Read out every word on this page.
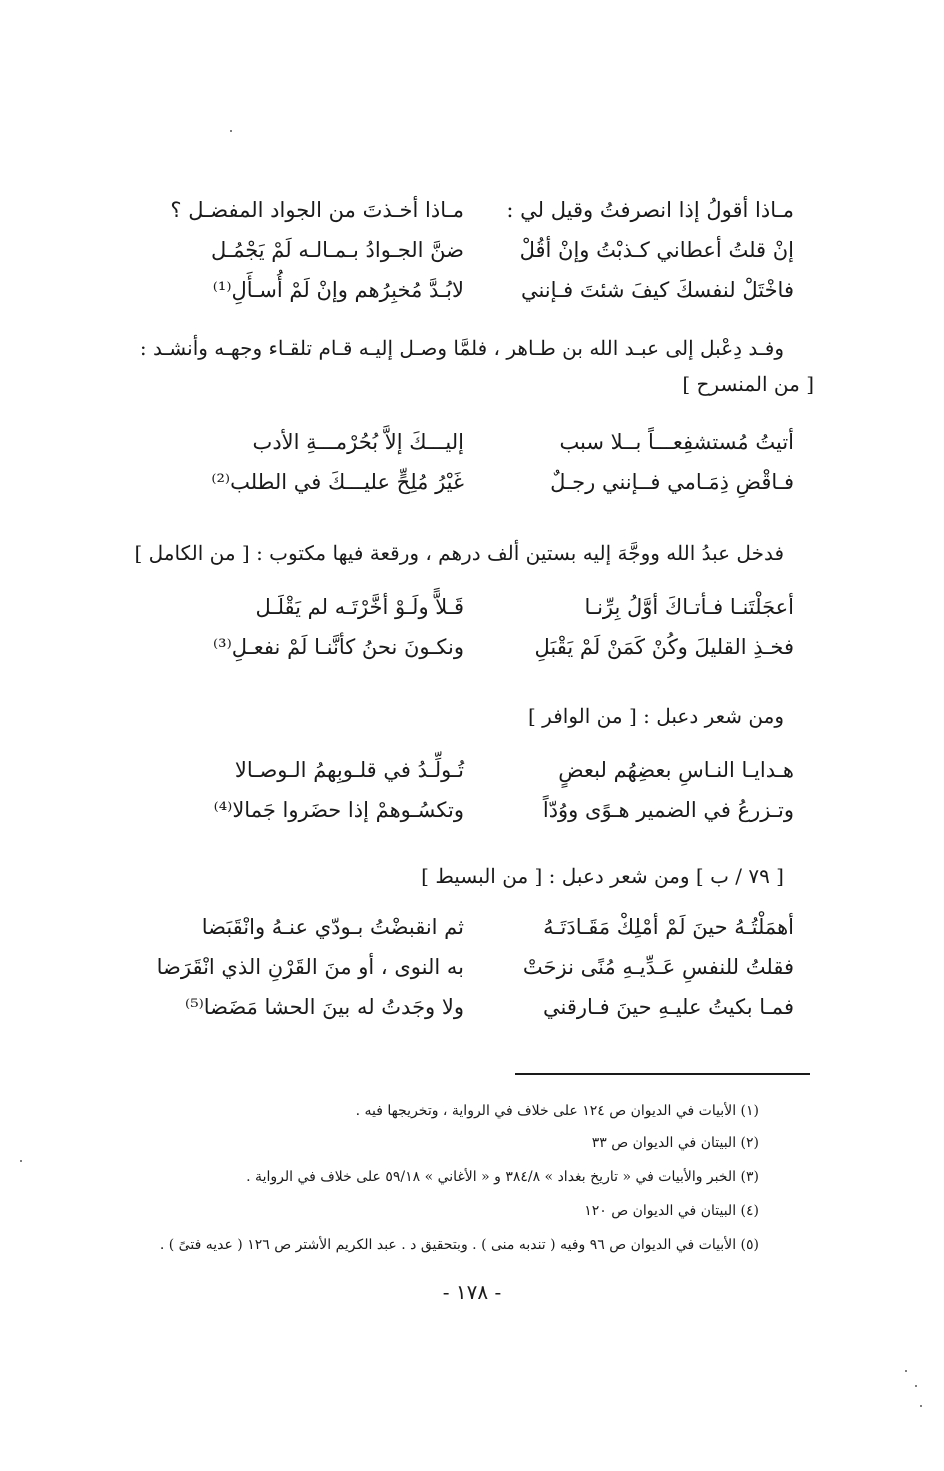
مـاذا أقولُ إذا انصرفتُ وقيل لي :
مـاذا أخـذتَ من الجواد المفضـل ؟
إنْ قلتُ أعطاني كـذبْتُ وإنْ أقُلْ
ضنَّ الجـوادُ بـمـالـه لَمْ يَجْمُـل
فاخْتَلْ لنفسكَ كيفَ شئتَ فـإنني
لابُـدَّ مُخبِرُهم وإنْ لَمْ أُسـأَلِ⁽¹⁾
وفـد دِعْبل إلى عبـد الله بن طـاهر ، فلمَّا وصـل إليـه قـام تلقـاء وجهـه وأنشـد :
[ من المنسرح ]
أتيتُ مُستشفِعـــاً بــلا سبب
إليـــكَ إلاَّ بُحُرْمـــةِ الأدب
فـاقْضِ ذِمَـامي فــإنني رجـلٌ
غَيْرُ مُلِحٍّ عليـــكَ في الطلب⁽²⁾
فدخل عبدُ الله ووجَّهَ إليه بستين ألف درهم ، ورقعة فيها مكتوب : [ من الكامل ]
أعجَلْتَنـا فـأتـاكَ أوَّلُ بِرِّنـا
قَـلاًّ ولَـوْ أخَّرْتَـه لم يَقْلَـل
فخـذِ القليلَ وكُنْ كَمَنْ لَمْ يَقْبَلِ
ونكـونَ نحنُ كأنَّنـا لَمْ نفعـلِ⁽³⁾
ومن شعر دعبل : [ من الوافر ]
هـدايـا النـاسِ بعضِهُم لبعضٍ
تُـولِّـدُ في قلـوبِهمُ الـوصـالا
وتـزرعُ في الضمير هـوًى ووُدّاً
وتكسُـوهمْ إذا حضَروا جَمالا⁽⁴⁾
[ ٧٩ / ب ] ومن شعر دعبل : [ من البسيط ]
أهمَلْتُـهُ حينَ لَمْ أمْلِكْ مَقَـادَتَـهُ
ثم انقبضْتُ بـودّي عنـهُ وانْقَبَضا
فقلتُ للنفسِ عَـدِّيـهِ مُنًى نزحَتْ
به النوى ، أو منَ القَرْنِ الذي انْقَرَضا
فمـا بكيتُ عليـهِ حينَ فـارقني
ولا وجَدتُ له بينَ الحشا مَضَضا⁽⁵⁾
(١) الأبيات في الديوان ص ١٢٤ على خلاف في الرواية ، وتخريجها فيه .
(٢) البيتان في الديوان ص ٣٣
(٣) الخبر والأبيات في « تاريخ بغداد » ٣٨٤/٨ و « الأغاني » ٥٩/١٨ على خلاف في الرواية .
(٤) البيتان في الديوان ص ١٢٠
(٥) الأبيات في الديوان ص ٩٦ وفيه ( تندبه منى ) . وبتحقيق د . عبد الكريم الأشتر ص ١٢٦ ( عديه فتىً ) .
- ١٧٨ -
